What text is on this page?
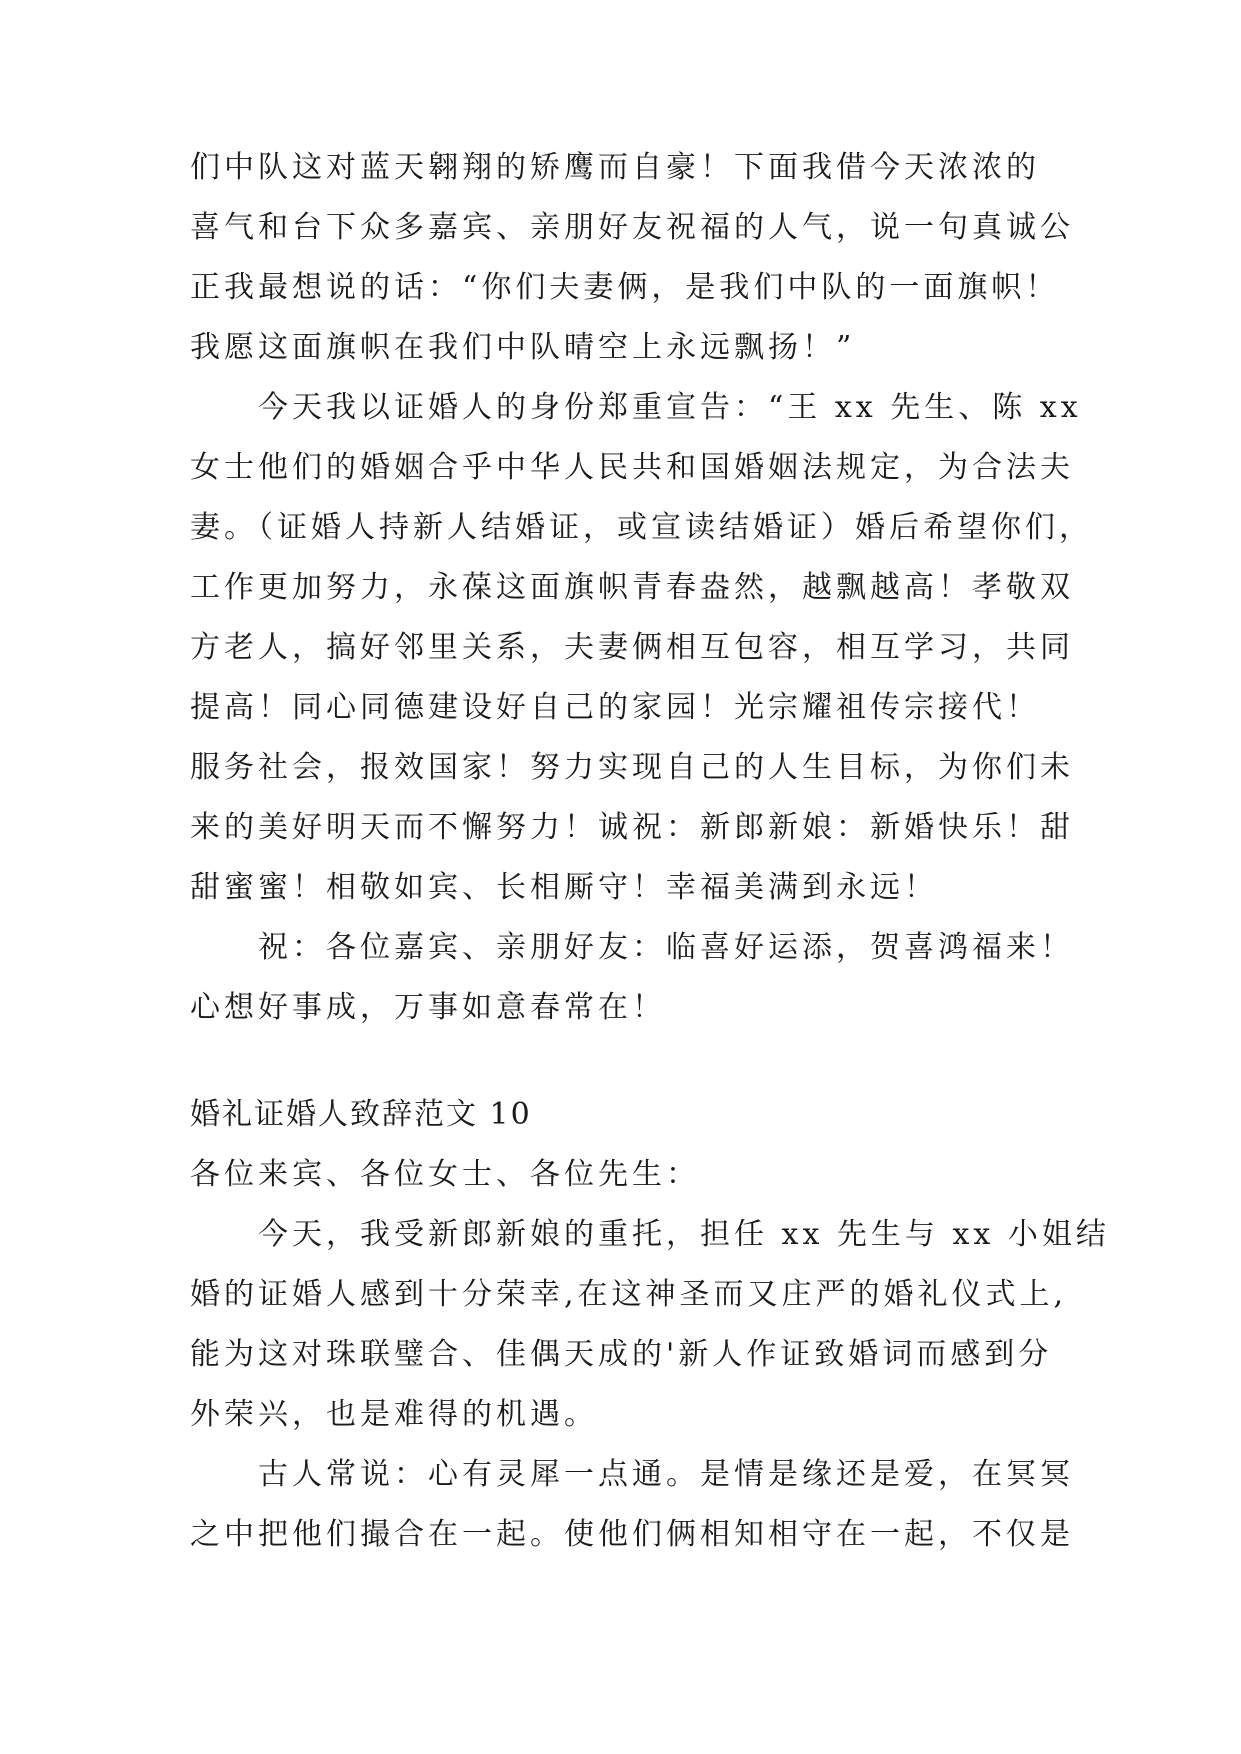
们中队这对蓝天翱翔的矫鹰而自豪！下面我借今天浓浓的
喜气和台下众多嘉宾、亲朋好友祝福的人气，说一句真诚公
正我最想说的话：“你们夫妻俩，是我们中队的一面旗帜！
我愿这面旗帜在我们中队晴空上永远飘扬！”
今天我以证婚人的身份郑重宣告：“王 xx 先生、陈 xx
女士他们的婚姻合乎中华人民共和国婚姻法规定，为合法夫
妻。（证婚人持新人结婚证，或宣读结婚证）婚后希望你们，
工作更加努力，永葆这面旗帜青春盎然，越飘越高！孝敬双
方老人，搞好邻里关系，夫妻俩相互包容，相互学习，共同
提高！同心同德建设好自己的家园！光宗耀祖传宗接代！
服务社会，报效国家！努力实现自己的人生目标，为你们未
来的美好明天而不懈努力！诚祝：新郎新娘：新婚快乐！甜
甜蜜蜜！相敬如宾、长相厮守！幸福美满到永远！
祝：各位嘉宾、亲朋好友：临喜好运添，贺喜鸿福来！
心想好事成，万事如意春常在！
婚礼证婚人致辞范文 10
各位来宾、各位女士、各位先生：
今天，我受新郎新娘的重托，担任 xx 先生与 xx 小姐结
婚的证婚人感到十分荣幸,在这神圣而又庄严的婚礼仪式上,
能为这对珠联璧合、佳偶天成的'新人作证致婚词而感到分
外荣兴，也是难得的机遇。
古人常说：心有灵犀一点通。是情是缘还是爱，在冥冥
之中把他们撮合在一起。使他们俩相知相守在一起，不仅是
